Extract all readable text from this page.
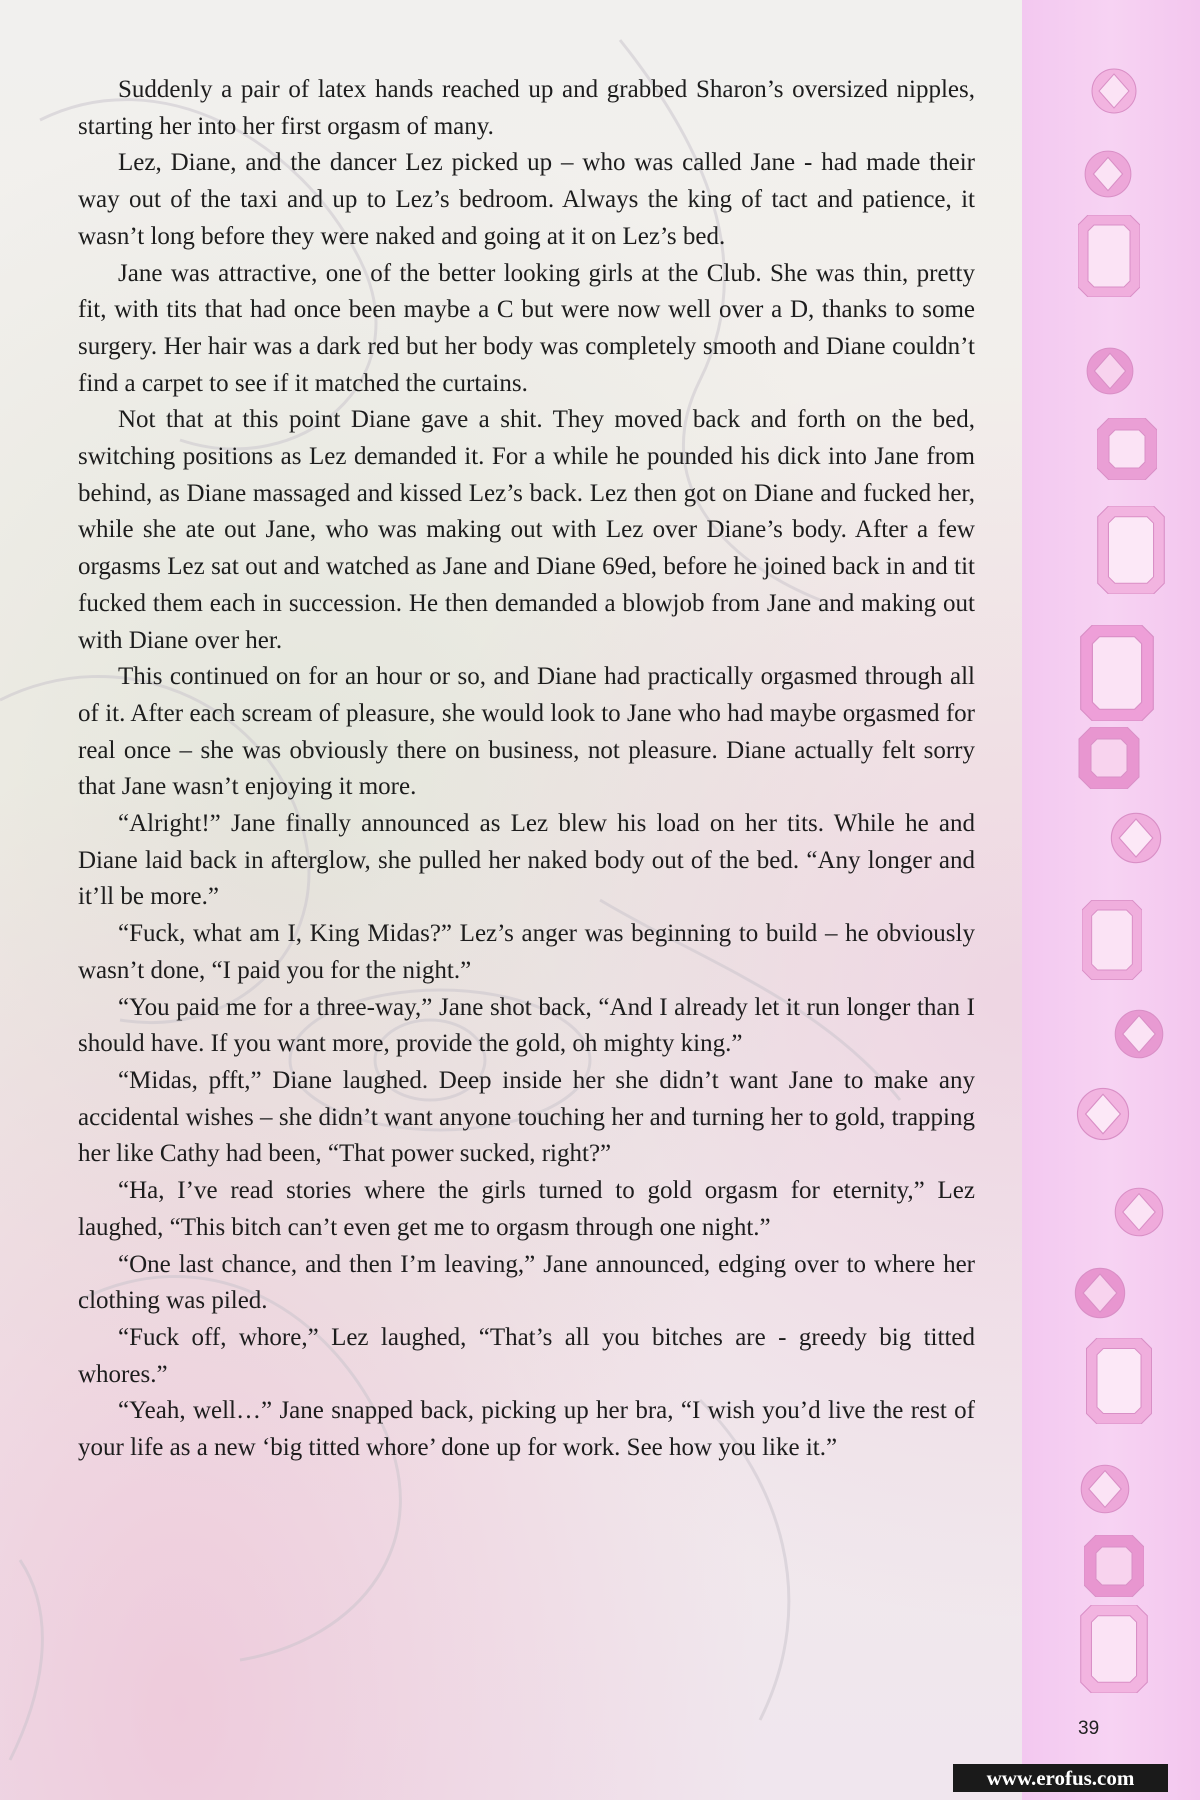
Suddenly a pair of latex hands reached up and grabbed Sharon’s oversized nipples, starting her into her first orgasm of many.

Lez, Diane, and the dancer Lez picked up – who was called Jane - had made their way out of the taxi and up to Lez’s bedroom. Always the king of tact and patience, it wasn’t long before they were naked and going at it on Lez’s bed.

Jane was attractive, one of the better looking girls at the Club. She was thin, pretty fit, with tits that had once been maybe a C but were now well over a D, thanks to some surgery. Her hair was a dark red but her body was completely smooth and Diane couldn’t find a carpet to see if it matched the curtains.

Not that at this point Diane gave a shit. They moved back and forth on the bed, switching positions as Lez demanded it. For a while he pounded his dick into Jane from behind, as Diane massaged and kissed Lez’s back. Lez then got on Diane and fucked her, while she ate out Jane, who was making out with Lez over Diane’s body. After a few orgasms Lez sat out and watched as Jane and Diane 69ed, before he joined back in and tit fucked them each in succession. He then demanded a blowjob from Jane and making out with Diane over her.

This continued on for an hour or so, and Diane had practically orgasmed through all of it. After each scream of pleasure, she would look to Jane who had maybe orgasmed for real once – she was obviously there on business, not pleasure. Diane actually felt sorry that Jane wasn’t enjoying it more.

“Alright!” Jane finally announced as Lez blew his load on her tits. While he and Diane laid back in afterglow, she pulled her naked body out of the bed. “Any longer and it’ll be more.”

“Fuck, what am I, King Midas?” Lez’s anger was beginning to build – he obviously wasn’t done, “I paid you for the night.”

“You paid me for a three-way,” Jane shot back, “And I already let it run longer than I should have. If you want more, provide the gold, oh mighty king.”

“Midas, pfft,” Diane laughed. Deep inside her she didn’t want Jane to make any accidental wishes – she didn’t want anyone touching her and turning her to gold, trapping her like Cathy had been, “That power sucked, right?”

“Ha, I’ve read stories where the girls turned to gold orgasm for eternity,” Lez laughed, “This bitch can’t even get me to orgasm through one night.”

“One last chance, and then I’m leaving,” Jane announced, edging over to where her clothing was piled.

“Fuck off, whore,” Lez laughed, “That’s all you bitches are - greedy big titted whores.”

“Yeah, well…” Jane snapped back, picking up her bra, “I wish you’d live the rest of your life as a new ‘big titted whore’ done up for work. See how you like it.”

39
www.erofus.com
